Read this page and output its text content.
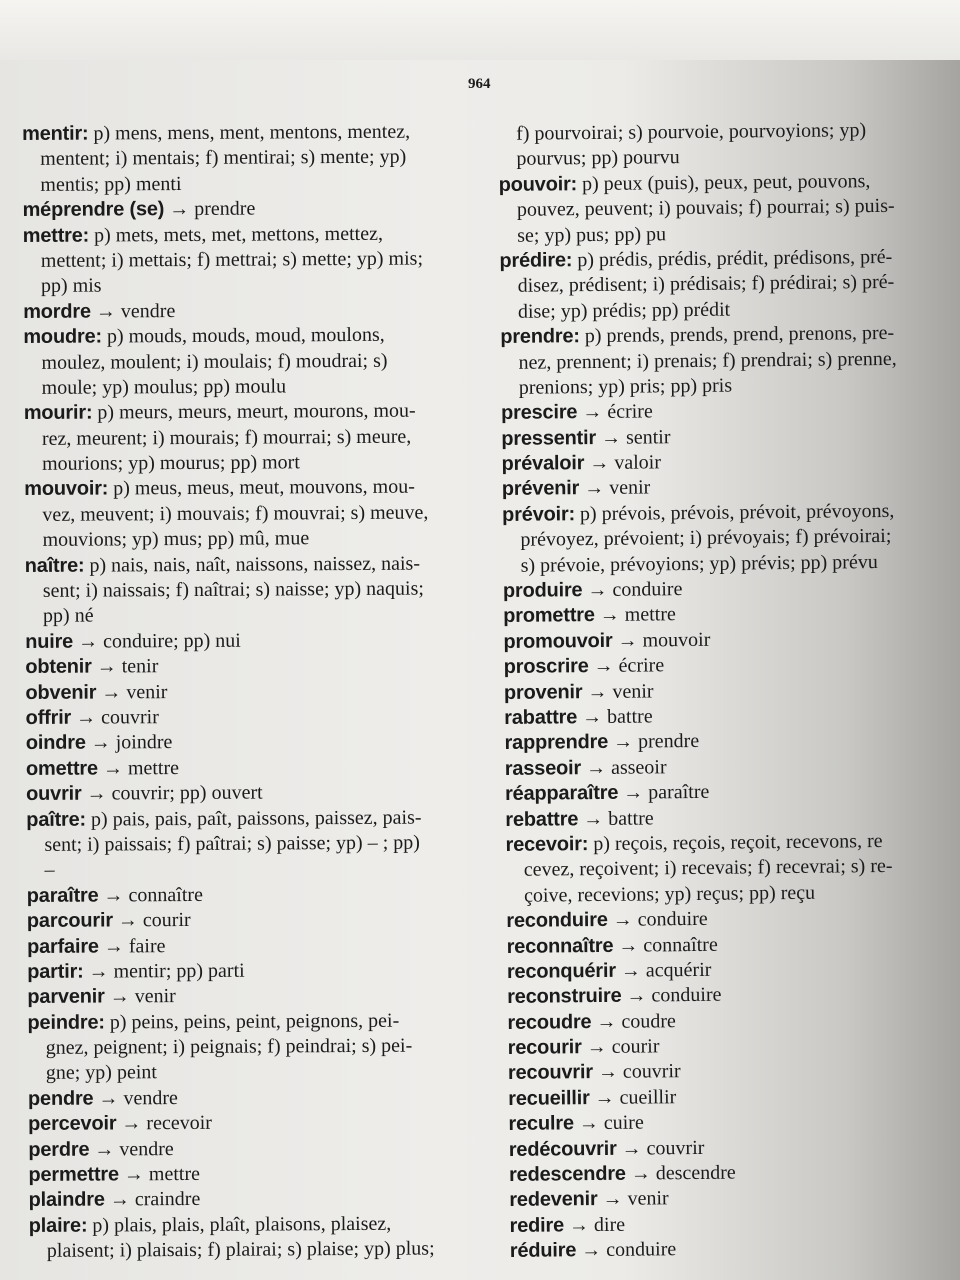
964
mentir: p) mens, mens, ment, mentons, mentez,
mentent; i) mentais; f) mentirai; s) mente; yp)
mentis; pp) menti
méprendre (se) → prendre
mettre: p) mets, mets, met, mettons, mettez,
mettent; i) mettais; f) mettrai; s) mette; yp) mis;
pp) mis
mordre → vendre
moudre: p) mouds, mouds, moud, moulons,
moulez, moulent; i) moulais; f) moudrai; s)
moule; yp) moulus; pp) moulu
mourir: p) meurs, meurs, meurt, mourons, mou-
rez, meurent; i) mourais; f) mourrai; s) meure,
mourions; yp) mourus; pp) mort
mouvoir: p) meus, meus, meut, mouvons, mou-
vez, meuvent; i) mouvais; f) mouvrai; s) meuve,
mouvions; yp) mus; pp) mû, mue
naître: p) nais, nais, naît, naissons, naissez, nais-
sent; i) naissais; f) naîtrai; s) naisse; yp) naquis;
pp) né
nuire → conduire; pp) nui
obtenir → tenir
obvenir → venir
offrir → couvrir
oindre → joindre
omettre → mettre
ouvrir → couvrir; pp) ouvert
paître: p) pais, pais, paît, paissons, paissez, pais-
sent; i) paissais; f) paîtrai; s) paisse; yp) – ; pp)
–
paraître → connaître
parcourir → courir
parfaire → faire
partir: → mentir; pp) parti
parvenir → venir
peindre: p) peins, peins, peint, peignons, pei-
gnez, peignent; i) peignais; f) peindrai; s) pei-
gne; yp) peint
pendre → vendre
percevoir → recevoir
perdre → vendre
permettre → mettre
plaindre → craindre
plaire: p) plais, plais, plaît, plaisons, plaisez,
plaisent; i) plaisais; f) plairai; s) plaise; yp) plus;
f) pourvoirai; s) pourvoie, pourvoyions; yp)
pourvus; pp) pourvu
pouvoir: p) peux (puis), peux, peut, pouvons,
pouvez, peuvent; i) pouvais; f) pourrai; s) puis-
se; yp) pus; pp) pu
prédire: p) prédis, prédis, prédit, prédisons, pré-
disez, prédisent; i) prédisais; f) prédirai; s) pré-
dise; yp) prédis; pp) prédit
prendre: p) prends, prends, prend, prenons, pre-
nez, prennent; i) prenais; f) prendrai; s) prenne,
prenions; yp) pris; pp) pris
prescire → écrire
pressentir → sentir
prévaloir → valoir
prévenir → venir
prévoir: p) prévois, prévois, prévoit, prévoyons,
prévoyez, prévoient; i) prévoyais; f) prévoirai;
s) prévoie, prévoyions; yp) prévis; pp) prévu
produire → conduire
promettre → mettre
promouvoir → mouvoir
proscrire → écrire
provenir → venir
rabattre → battre
rapprendre → prendre
rasseoir → asseoir
réapparaître → paraître
rebattre → battre
recevoir: p) reçois, reçois, reçoit, recevons, re
cevez, reçoivent; i) recevais; f) recevrai; s) re-
çoive, recevions; yp) reçus; pp) reçu
reconduire → conduire
reconnaître → connaître
reconquérir → acquérir
reconstruire → conduire
recoudre → coudre
recourir → courir
recouvrir → couvrir
recueillir → cueillir
reculre → cuire
redécouvrir → couvrir
redescendre → descendre
redevenir → venir
redire → dire
réduire → conduire
